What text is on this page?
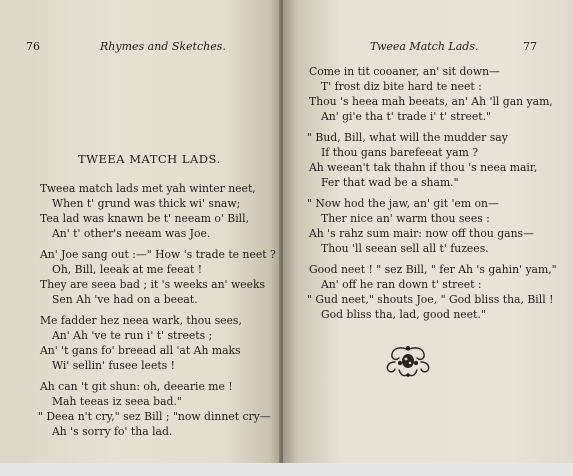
76	Rhymes and Sketches.
TWEEA MATCH LADS.
Tweea match lads met yah winter neet,
When t' grund was thick wi' snaw;
Tea lad was knawn be t' neeam o' Bill,
An' t' other's neeam was Joe.
An' Joe sang out :—" How 's trade te neet ?
Oh, Bill, leeak at me feeat !
They are seea bad ; it 's weeks an' weeks
Sen Ah 've had on a beeat.
Me fadder hez neea wark, thou sees,
An' Ah 've te run i' t' streets ;
An' 't gans fo' breead all 'at Ah maks
Wi' sellin' fusee leets !
Ah can 't git shun: oh, deearie me !
Mah teeas iz seea bad."
" Deea n't cry," sez Bill ; "now dinnet cry—
Ah 's sorry fo' tha lad.
Tweea Match Lads.	77
Come in tit cooaner, an' sit down—
T' frost diz bite hard te neet :
Thou 's heea mah beeats, an' Ah 'll gan yam,
An' gi'e tha t' trade i' t' street."
" Bud, Bill, what will the mudder say
If thou gans barefeeat yam ?
Ah weean't tak thahn if thou 's neea mair,
Fer that wad be a sham."
" Now hod the jaw, an' git 'em on—
Ther nice an' warm thou sees :
Ah 's rahz sum mair: now off thou gans—
Thou 'll seean sell all t' fuzees.
Good neet ! " sez Bill, " fer Ah 's gahin' yam,"
An' off he ran down t' street :
" Gud neet," shouts Joe, " God bliss tha, Bill !
God bliss tha, lad, good neet."
